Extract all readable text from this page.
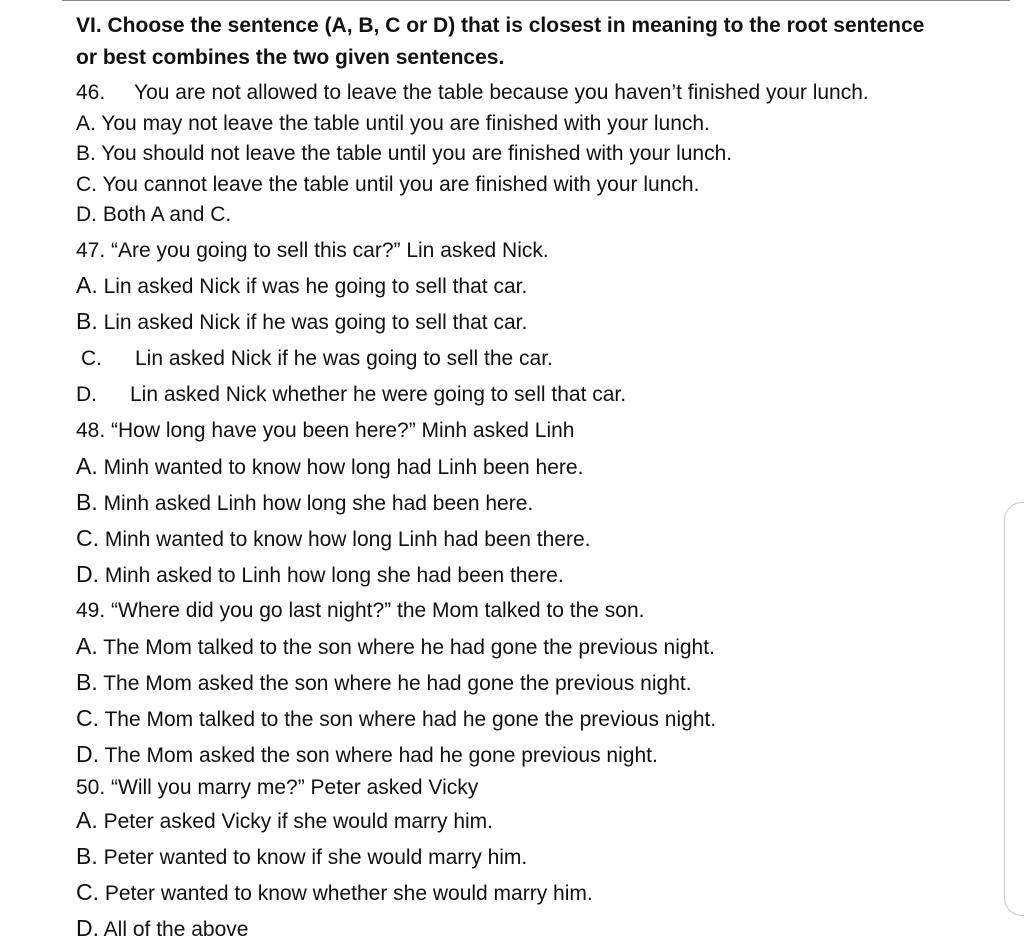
VI. Choose the sentence (A, B, C or D) that is closest in meaning to the root sentence or best combines the two given sentences.

46. You are not allowed to leave the table because you haven’t finished your lunch.

A. You may not leave the table until you are finished with your lunch.

B. You should not leave the table until you are finished with your lunch.

C. You cannot leave the table until you are finished with your lunch.

D. Both A and C.

47. “Are you going to sell this car?” Lin asked Nick.

A. Lin asked Nick if was he going to sell that car.

B. Lin asked Nick if he was going to sell that car.

C. Lin asked Nick if he was going to sell the car.

D. Lin asked Nick whether he were going to sell that car.

48. “How long have you been here?” Minh asked Linh

A. Minh wanted to know how long had Linh been here.

B. Minh asked Linh how long she had been here.

C. Minh wanted to know how long Linh had been there.

D. Minh asked to Linh how long she had been there.

49. “Where did you go last night?” the Mom talked to the son.

A. The Mom talked to the son where he had gone the previous night.

B. The Mom asked the son where he had gone the previous night.

C. The Mom talked to the son where had he gone the previous night.

D. The Mom asked the son where had he gone previous night.

50. “Will you marry me?” Peter asked Vicky

A. Peter asked Vicky if she would marry him.

B. Peter wanted to know if she would marry him.

C. Peter wanted to know whether she would marry him.

D. All of the above
